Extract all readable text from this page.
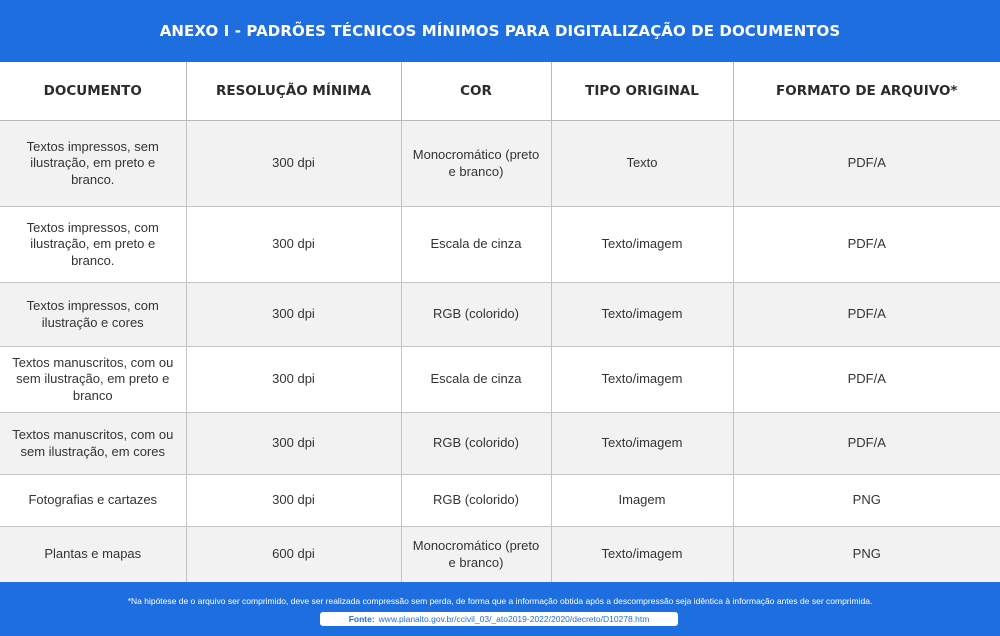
ANEXO I - PADRÕES TÉCNICOS MÍNIMOS PARA DIGITALIZAÇÃO DE DOCUMENTOS
DOCUMENTO	RESOLUÇÃO MÍNIMA	COR	TIPO ORIGINAL	FORMATO DE ARQUIVO*
Textos impressos, sem ilustração, em preto e branco.	300 dpi	Monocromático (preto e branco)	Texto	PDF/A
Textos impressos, com ilustração, em preto e branco.	300 dpi	Escala de cinza	Texto/imagem	PDF/A
Textos impressos, com ilustração e cores	300 dpi	RGB (colorido)	Texto/imagem	PDF/A
Textos manuscritos, com ou sem ilustração, em preto e branco	300 dpi	Escala de cinza	Texto/imagem	PDF/A
Textos manuscritos, com ou sem ilustração, em cores	300 dpi	RGB (colorido)	Texto/imagem	PDF/A
Fotografias e cartazes	300 dpi	RGB (colorido)	Imagem	PNG
Plantas e mapas	600 dpi	Monocromático (preto e branco)	Texto/imagem	PNG
*Na hipótese de o arquivo ser comprimido, deve ser realizada compressão sem perda, de forma que a informação obtida após a descompressão seja idêntica à informação antes de ser comprimida.
Fonte: www.planalto.gov.br/ccivil_03/_ato2019-2022/2020/decreto/D10278.htm
